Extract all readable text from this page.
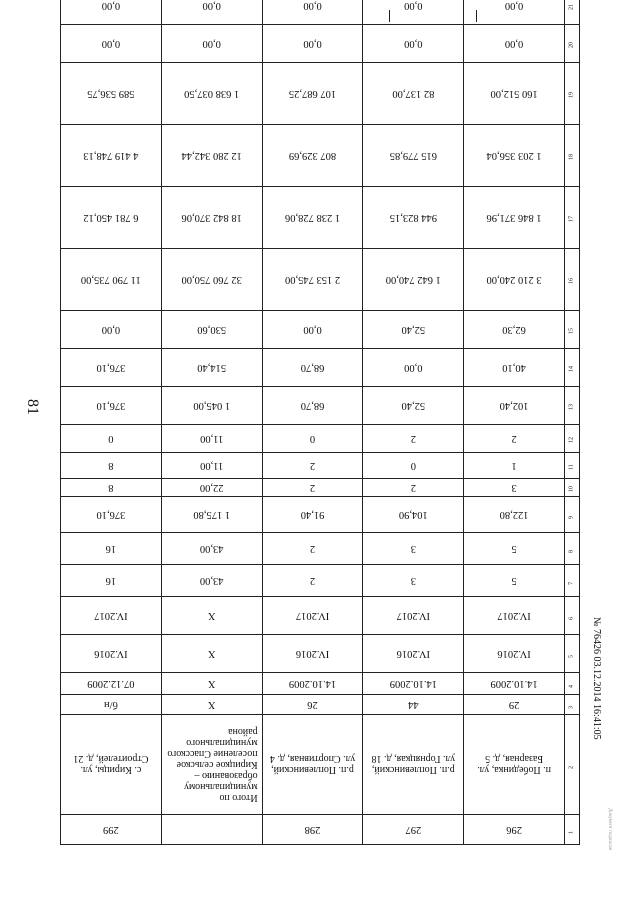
81
1	296	297	298		299
2	п. Побединка, ул. Базарная, д. 5	р.п. Поплевинский, ул. Горняцкая, д. 18	р.п. Поплевинский, ул. Спортивная, д. 4	Итого по муниципальному образованию – Кирицкое сельское поселение Спасского муниципального района	с. Кирицы, ул. Строителей, д. 21
3	29	44	26	X	б/н
4	14.10.2009	14.10.2009	14.10.2009	X	07.12.2009
5	IV.2016	IV.2016	IV.2016	X	IV.2016
6	IV.2017	IV.2017	IV.2017	X	IV.2017
7	5	3	2	43,00	16
8	5	3	2	43,00	16
9	122,80	104,90	91,40	1 175,80	376,10
10	3	2	2	22,00	8
11	1	0	2	11,00	8
12	2	2	0	11,00	0
13	102,40	52,40	68,70	1 045,00	376,10
14	40,10	0,00	68,70	514,40	376,10
15	62,30	52,40	0,00	530,60	0,00
16	3 210 240,00	1 642 740,00	2 153 745,00	32 760 750,00	11 790 735,00
17	1 846 371,96	944 823,15	1 238 728,06	18 842 370,06	6 781 450,12
18	1 203 356,04	615 779,85	807 329,69	12 280 342,44	4 419 748,13
19	160 512,00	82 137,00	107 687,25	1 638 037,50	589 536,75
20	0,00	0,00	0,00	0,00	0,00
21	0,00	0,00	0,00	0,00	0,00
№ 76426 03.12.2014 16:41:05
Документ подписан
